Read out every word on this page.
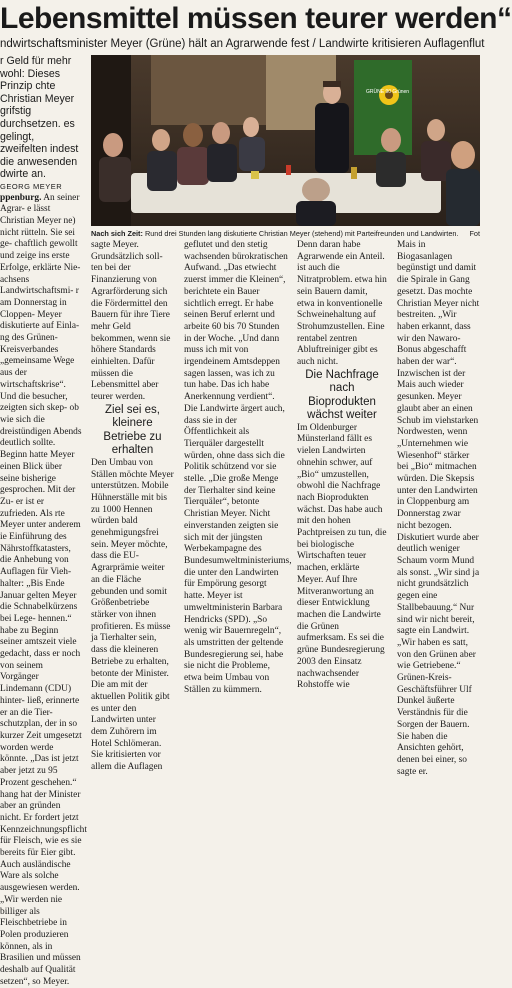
Lebensmittel müssen teurer werden“
ndwirtschaftsminister Meyer (Grüne) hält an Agrarwende fest / Landwirte kritisieren Auflagenflut

r Geld für mehr wohl: Dieses Prinzip chte Christian Meyer grifstig durchsetzen. es gelingt, zweifelten indest die anwesenden dwirte an.

GEORG MEYER

ppenburg. An seiner Agrar- e lässt Christian Meyer ne) nicht rütteln. Sie sei ge- chaftlich gewollt und zeige ins erste Erfolge, erklärte Nie- achsens Landwirtschaftsmi- r am Donnerstag in Cloppen- Meyer diskutierte auf Einla- ng des Grünen-Kreisverbandes „gemeinsame Wege aus der wirtschaftskrise“. Und die besucher, zeigten sich skep- ob wie sich die dreistündigen Abends deutlich sollte. Beginn hatte Meyer einen Blick über seine bisherige gesprochen. Mit der Zu- er ist er zufrieden. Als rte Meyer unter anderem ie Einführung des Nährstoffkatasters, die Anhebung von Auflagen für Vieh- halter: „Bis Ende Januar gelten Meyer die Schnabelkürzens bei Lege- hennen.“ habe zu Beginn seiner amtszeit viele gedacht, dass er noch von seinem Vorgänger Lindemann (CDU) hinter- ließ, erinnerte er an die Tier- schutzplan, der in so kurzer Zeit umgesetzt worden werde könnte. „Das ist jetzt aber jetzt zu 95 Prozent geschehen.“ hang hat der Minister aber an gründen nicht. Er fordert jetzt Kennzeichnungspflicht für Fleisch, wie es sie bereits für Eier gibt. Auch ausländische Ware als solche ausgewiesen werden. „Wir werden nie billiger als Fleischbetriebe in Polen produzieren können, als in Brasilien und müssen deshalb auf Qualität setzen“, so Meyer.

GRÜNE 90 Grünen
Nach sich Zeit: Rund drei Stunden lang diskutierte Christian Meyer (stehend) mit Parteifreunden und Landwirten. Fot

sagte Meyer. Grundsätzlich soll- ten bei der Finanzierung von Agrarförderung sich die Fördermittel den Bauern für ihre Tiere mehr Geld bekommen, wenn sie höhere Standards einhielten. Dafür müssen die Lebensmittel aber teurer werden.

Ziel sei es, kleinere Betriebe zu erhalten

Den Umbau von Ställen möchte Meyer unterstützen. Mobile Hühnerställe mit bis zu 1000 Hennen würden bald genehmigungsfrei sein. Meyer möchte, dass die EU-Agrarprämie weiter an die Fläche gebunden und somit Größenbetriebe stärker von ihnen profitieren. Es müsse ja Tierhalter sein, dass die kleineren Betriebe zu erhalten, betonte der Minister. Die am mit der aktuellen Politik gibt es unter den Landwirten unter dem Zuhörern im Hotel Schlömeran. Sie kritisierten vor allem die Auflagen

geflutet und den stetig wachsenden bürokratischen Aufwand. „Das etwiecht zuerst immer die Kleinen“, berichtete ein Bauer sichtlich erregt. Er habe seinen Beruf erlernt und arbeite 60 bis 70 Stunden in der Woche. „Und dann muss ich mit von irgendeinem Amtsdeppen sagen lassen, was ich zu tun habe. Das ich habe Anerkennung verdient“. Die Landwirte ärgert auch, dass sie in der Öffentlichkeit als Tierquäler dargestellt würden, ohne dass sich die Politik schützend vor sie stelle. „Die große Menge der Tierhalter sind keine Tierquäler“, betonte Christian Meyer. Nicht einverstanden zeigten sie sich mit der jüngsten Werbekampagne des Bundesumweltministeriums, die unter den Landwirten für Empörung gesorgt hatte. Meyer ist umweltministerin Barbara Hendricks (SPD). „So wenig wir Bauernregeln“, als umstritten der geltende Bundesregierung sei, habe sie nicht die Probleme, etwa beim Umbau von Ställen zu kümmern.

Denn daran habe Agrarwende ein Anteil. ist auch die Nitratproblem. etwa hin sein Bauern damit, etwa in konventionelle Schweinehaltung auf Strohumzustellen. Eine rentabel zentren Abluftreiniger gibt es auch nicht.

Die Nachfrage nach Bioprodukten wächst weiter

Im Oldenburger Münsterland fällt es vielen Landwirten ohnehin schwer, auf „Bio“ umzustellen, obwohl die Nachfrage nach Bioprodukten wächst. Das habe auch mit den hohen Pachtpreisen zu tun, die bei biologische Wirtschaften teuer machen, erklärte Meyer. Auf Ihre Mitveranwortung an dieser Entwicklung machen die Landwirte die Grünen aufmerksam. Es sei die grüne Bundesregierung 2003 den Einsatz nachwachsender Rohstoffe wie

Mais in Biogasanlagen begünstigt und damit die Spirale in Gang gesetzt. Das mochte Christian Meyer nicht bestreiten. „Wir haben erkannt, dass wir den Nawaro-Bonus abgeschafft haben der war“. Inzwischen ist der Mais auch wieder gesunken. Meyer glaubt aber an einen Schub im viehstarken Nordwesten, wenn „Unternehmen wie Wiesenhof“ stärker bei „Bio“ mitmachen würden. Die Skepsis unter den Landwirten in Cloppenburg am Donnerstag zwar nicht bezogen. Diskutiert wurde aber deutlich weniger Schaum vorm Mund als sonst. „Wir sind ja nicht grundsätzlich gegen eine Stallbebauung.“ Nur sind wir nicht bereit, sagte ein Landwirt. „Wir haben es satt, von den Grünen aber wie Getriebene.“ Grünen-Kreis-Geschäftsführer Ulf Dunkel äußerte Verständnis für die Sorgen der Bauern. Sie haben die Ansichten gehört, denen bei einer, so sagte er.
